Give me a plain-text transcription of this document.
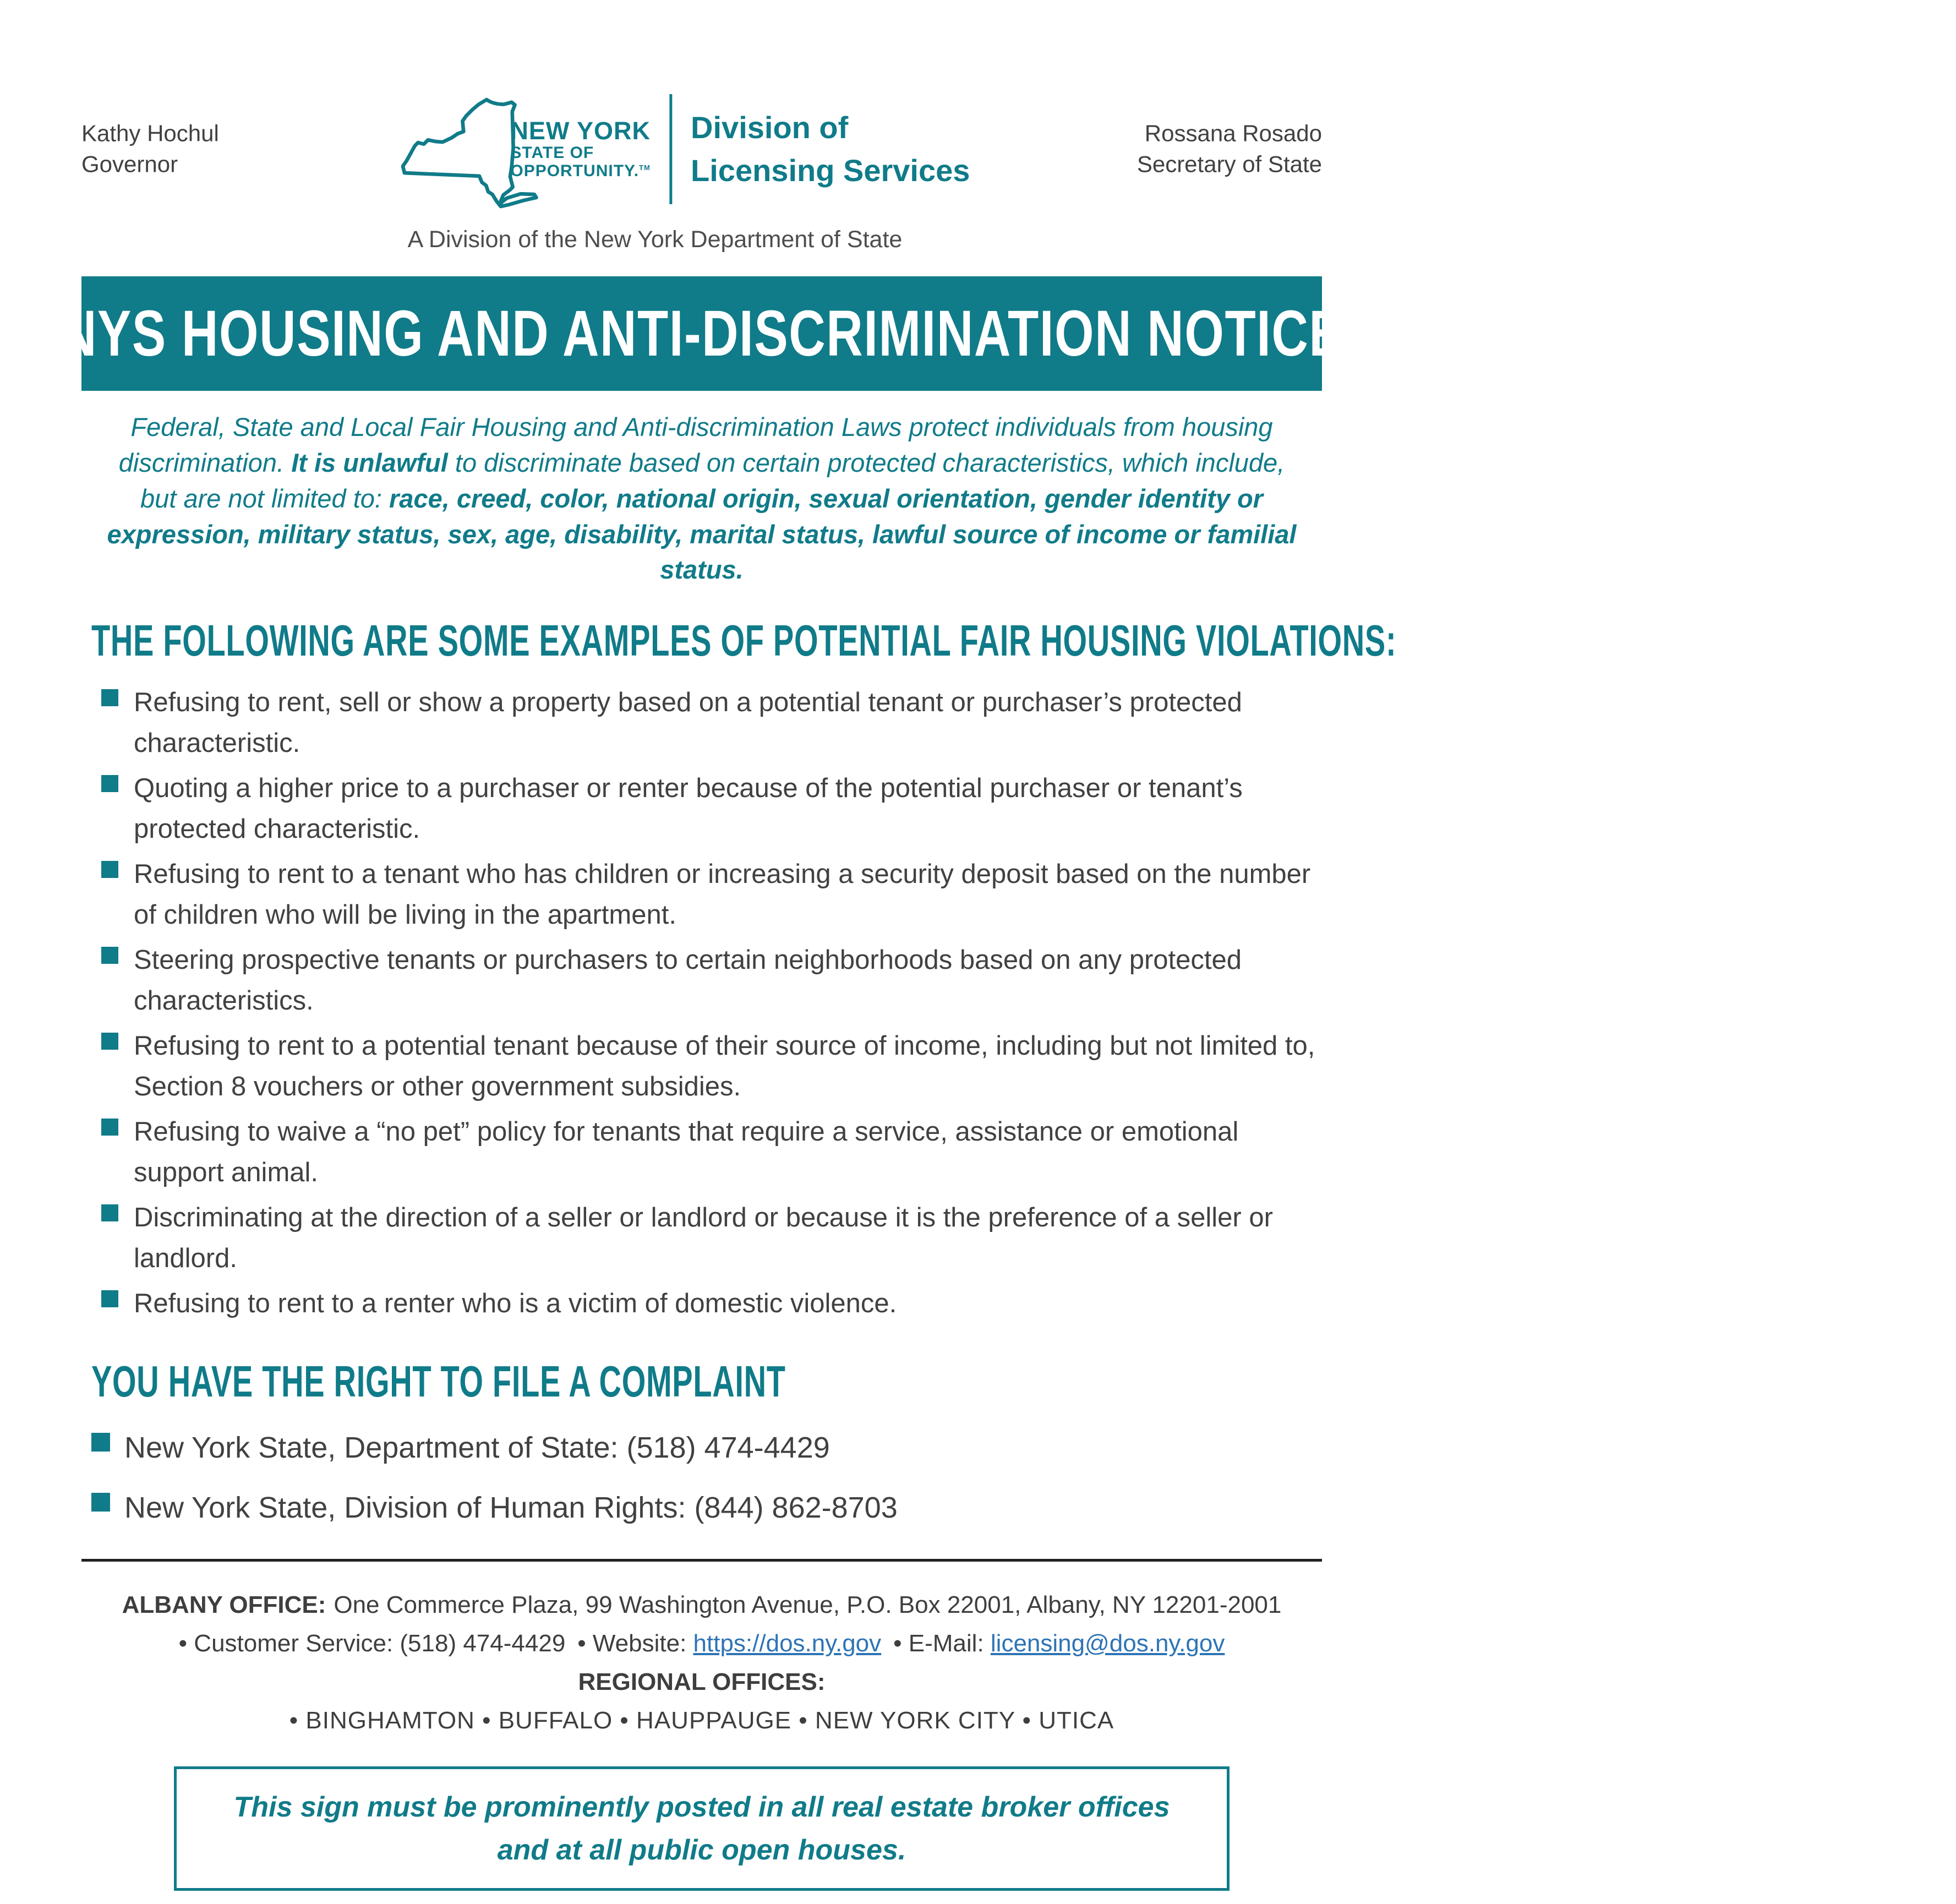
Kathy Hochul
Governor
NEW YORK
STATE OF
OPPORTUNITY.™
Division of
Licensing Services
Rossana Rosado
Secretary of State
A Division of the New York Department of State
NYS HOUSING AND ANTI-DISCRIMINATION NOTICE

Federal, State and Local Fair Housing and Anti-discrimination Laws protect individuals from housing discrimination. It is unlawful to discriminate based on certain protected characteristics, which include, but are not limited to: race, creed, color, national origin, sexual orientation, gender identity or expression, military status, sex, age, disability, marital status, lawful source of income or familial status.

THE FOLLOWING ARE SOME EXAMPLES OF POTENTIAL FAIR HOUSING VIOLATIONS:
Refusing to rent, sell or show a property based on a potential tenant or purchaser’s protected characteristic.
Quoting a higher price to a purchaser or renter because of the potential purchaser or tenant’s protected characteristic.
Refusing to rent to a tenant who has children or increasing a security deposit based on the number of children who will be living in the apartment.
Steering prospective tenants or purchasers to certain neighborhoods based on any protected characteristics.
Refusing to rent to a potential tenant because of their source of income, including but not limited to, Section 8 vouchers or other government subsidies.
Refusing to waive a “no pet” policy for tenants that require a service, assistance or emotional support animal.
Discriminating at the direction of a seller or landlord or because it is the preference of a seller or landlord.
Refusing to rent to a renter who is a victim of domestic violence.
YOU HAVE THE RIGHT TO FILE A COMPLAINT
New York State, Department of State: (518) 474-4429
New York State, Division of Human Rights: (844) 862-8703
ALBANY OFFICE: One Commerce Plaza, 99 Washington Avenue, P.O. Box 22001, Albany, NY 12201-2001
• Customer Service: (518) 474-4429 • Website: https://dos.ny.gov • E-Mail: licensing@dos.ny.gov
REGIONAL OFFICES:
• BINGHAMTON • BUFFALO • HAUPPAUGE • NEW YORK CITY • UTICA
This sign must be prominently posted in all real estate broker offices
and at all public open houses.
